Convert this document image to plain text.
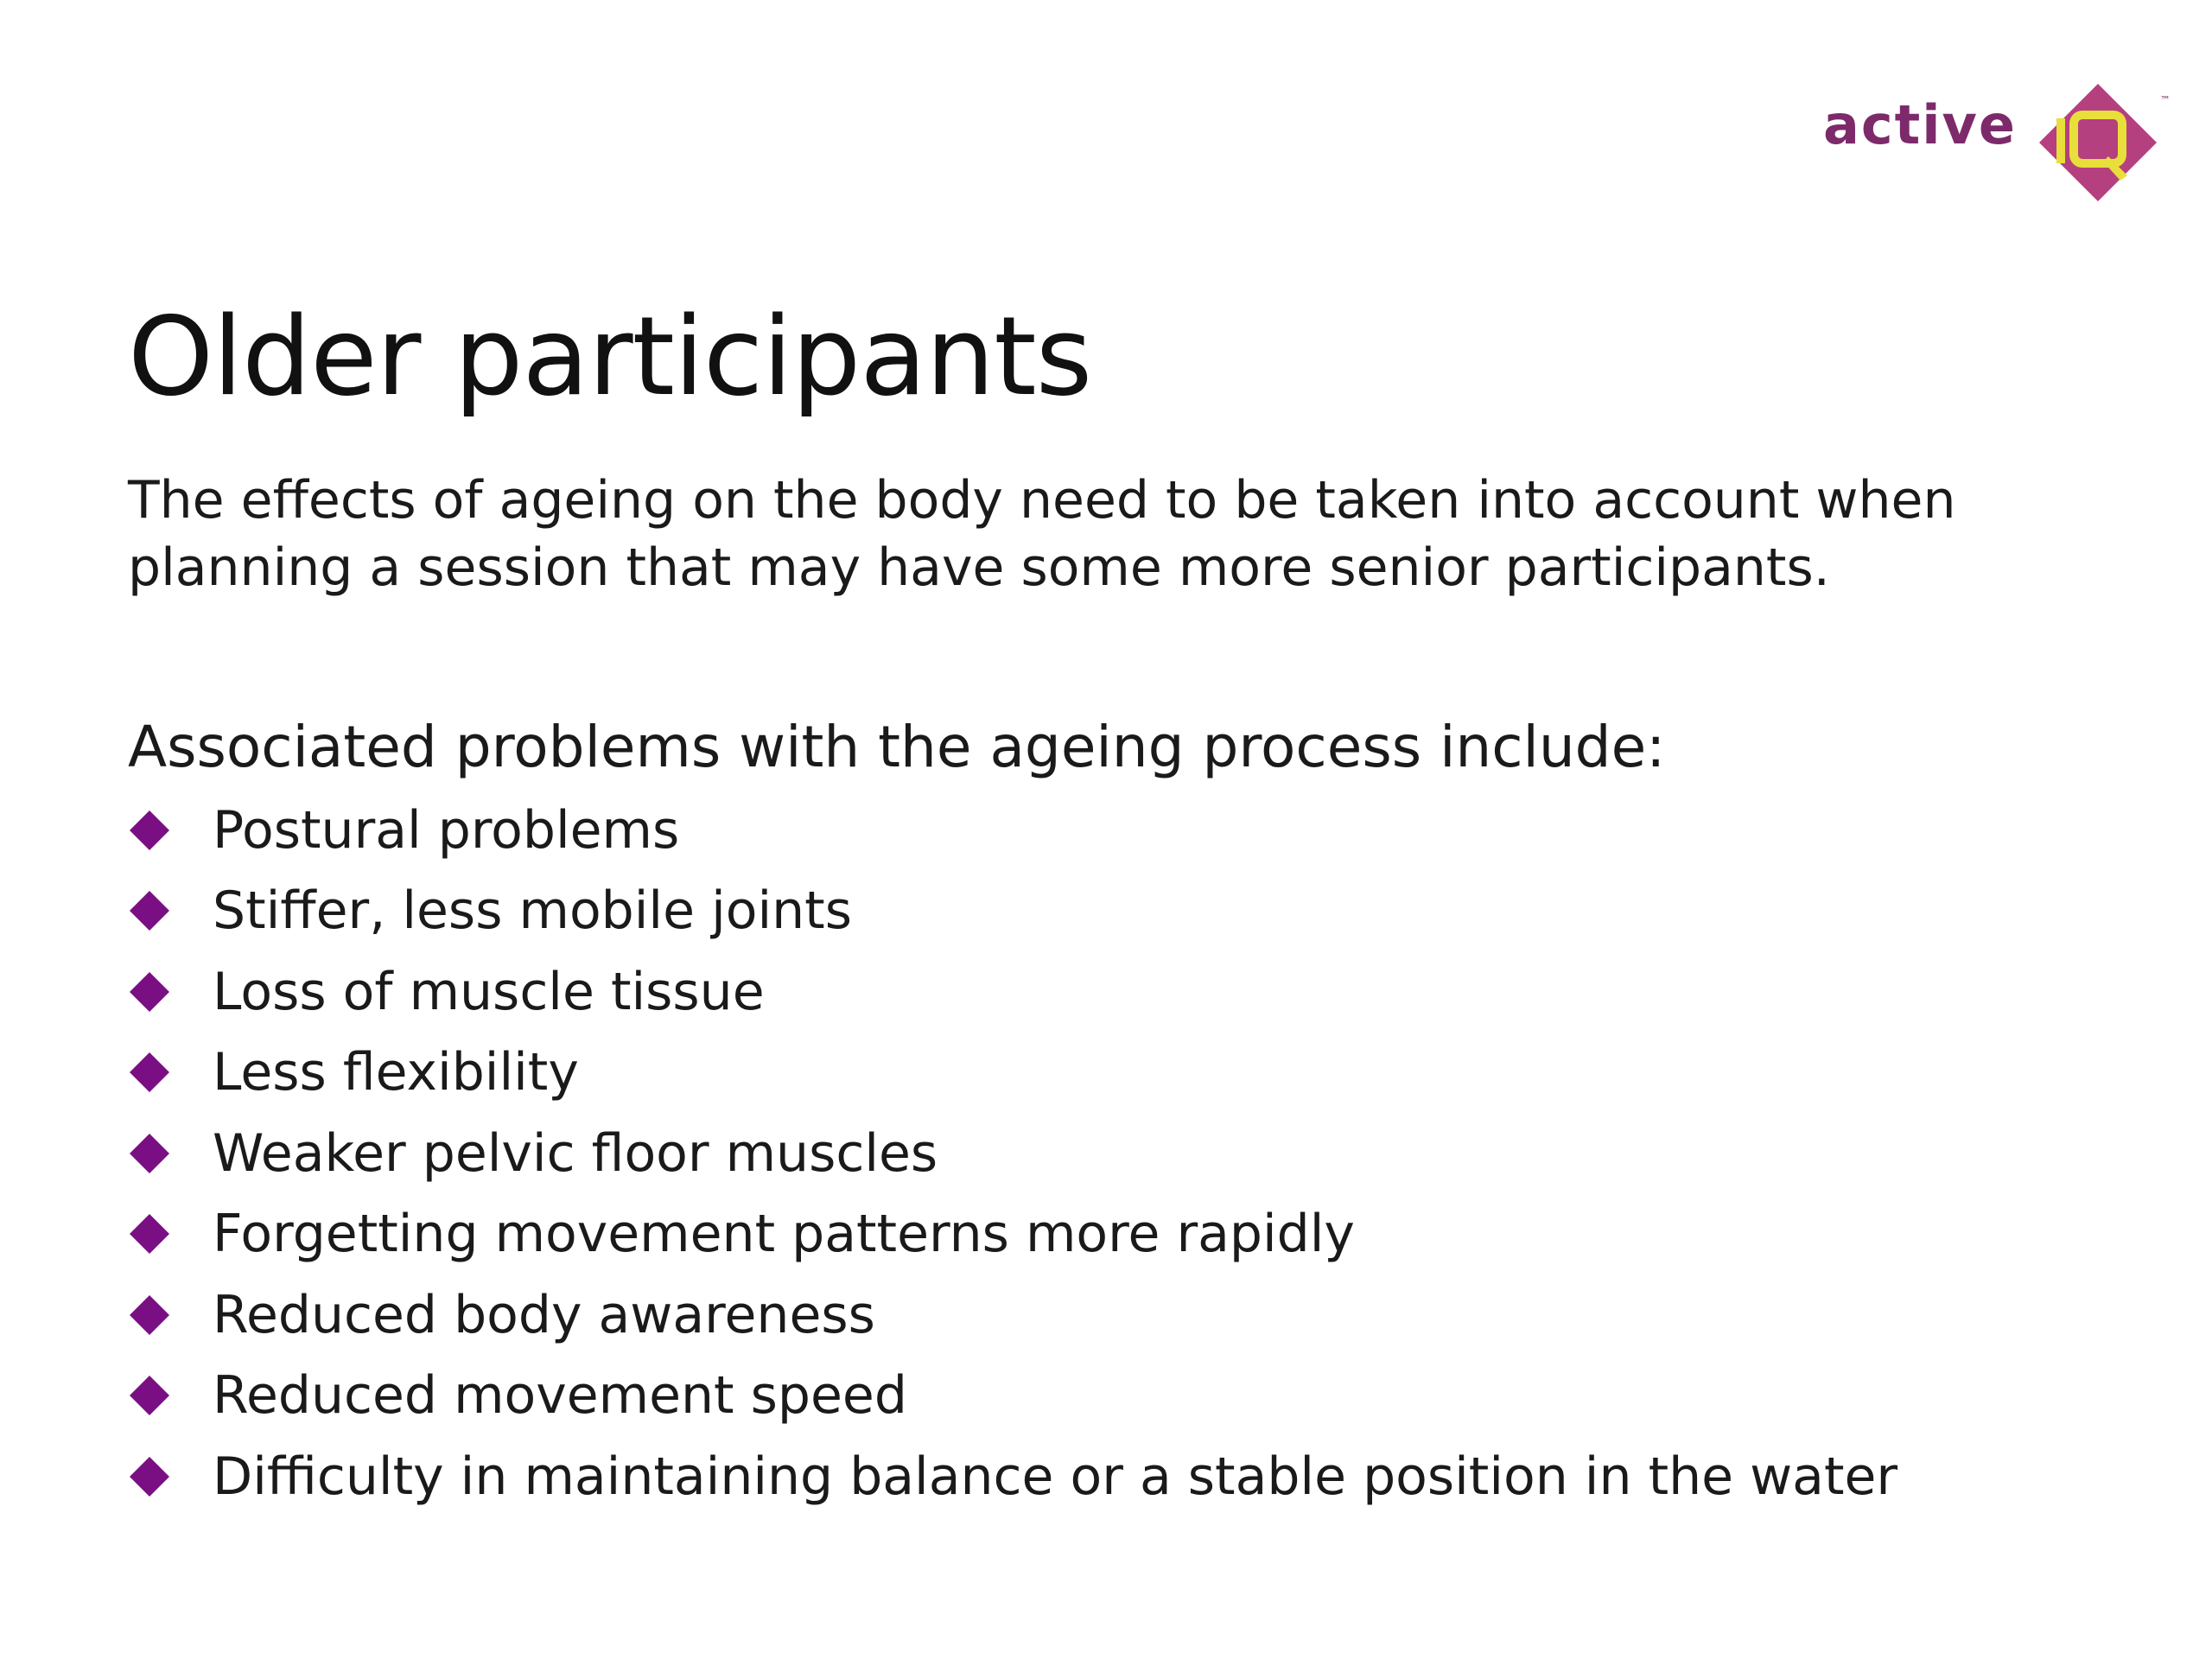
active	™
Older participants

The effects of ageing on the body need to be taken into account when planning a session that may have some more senior participants.

Associated problems with the ageing process include:

Postural problems
Stiffer, less mobile joints
Loss of muscle tissue
Less flexibility
Weaker pelvic floor muscles
Forgetting movement patterns more rapidly
Reduced body awareness
Reduced movement speed
Difficulty in maintaining balance or a stable position in the water
